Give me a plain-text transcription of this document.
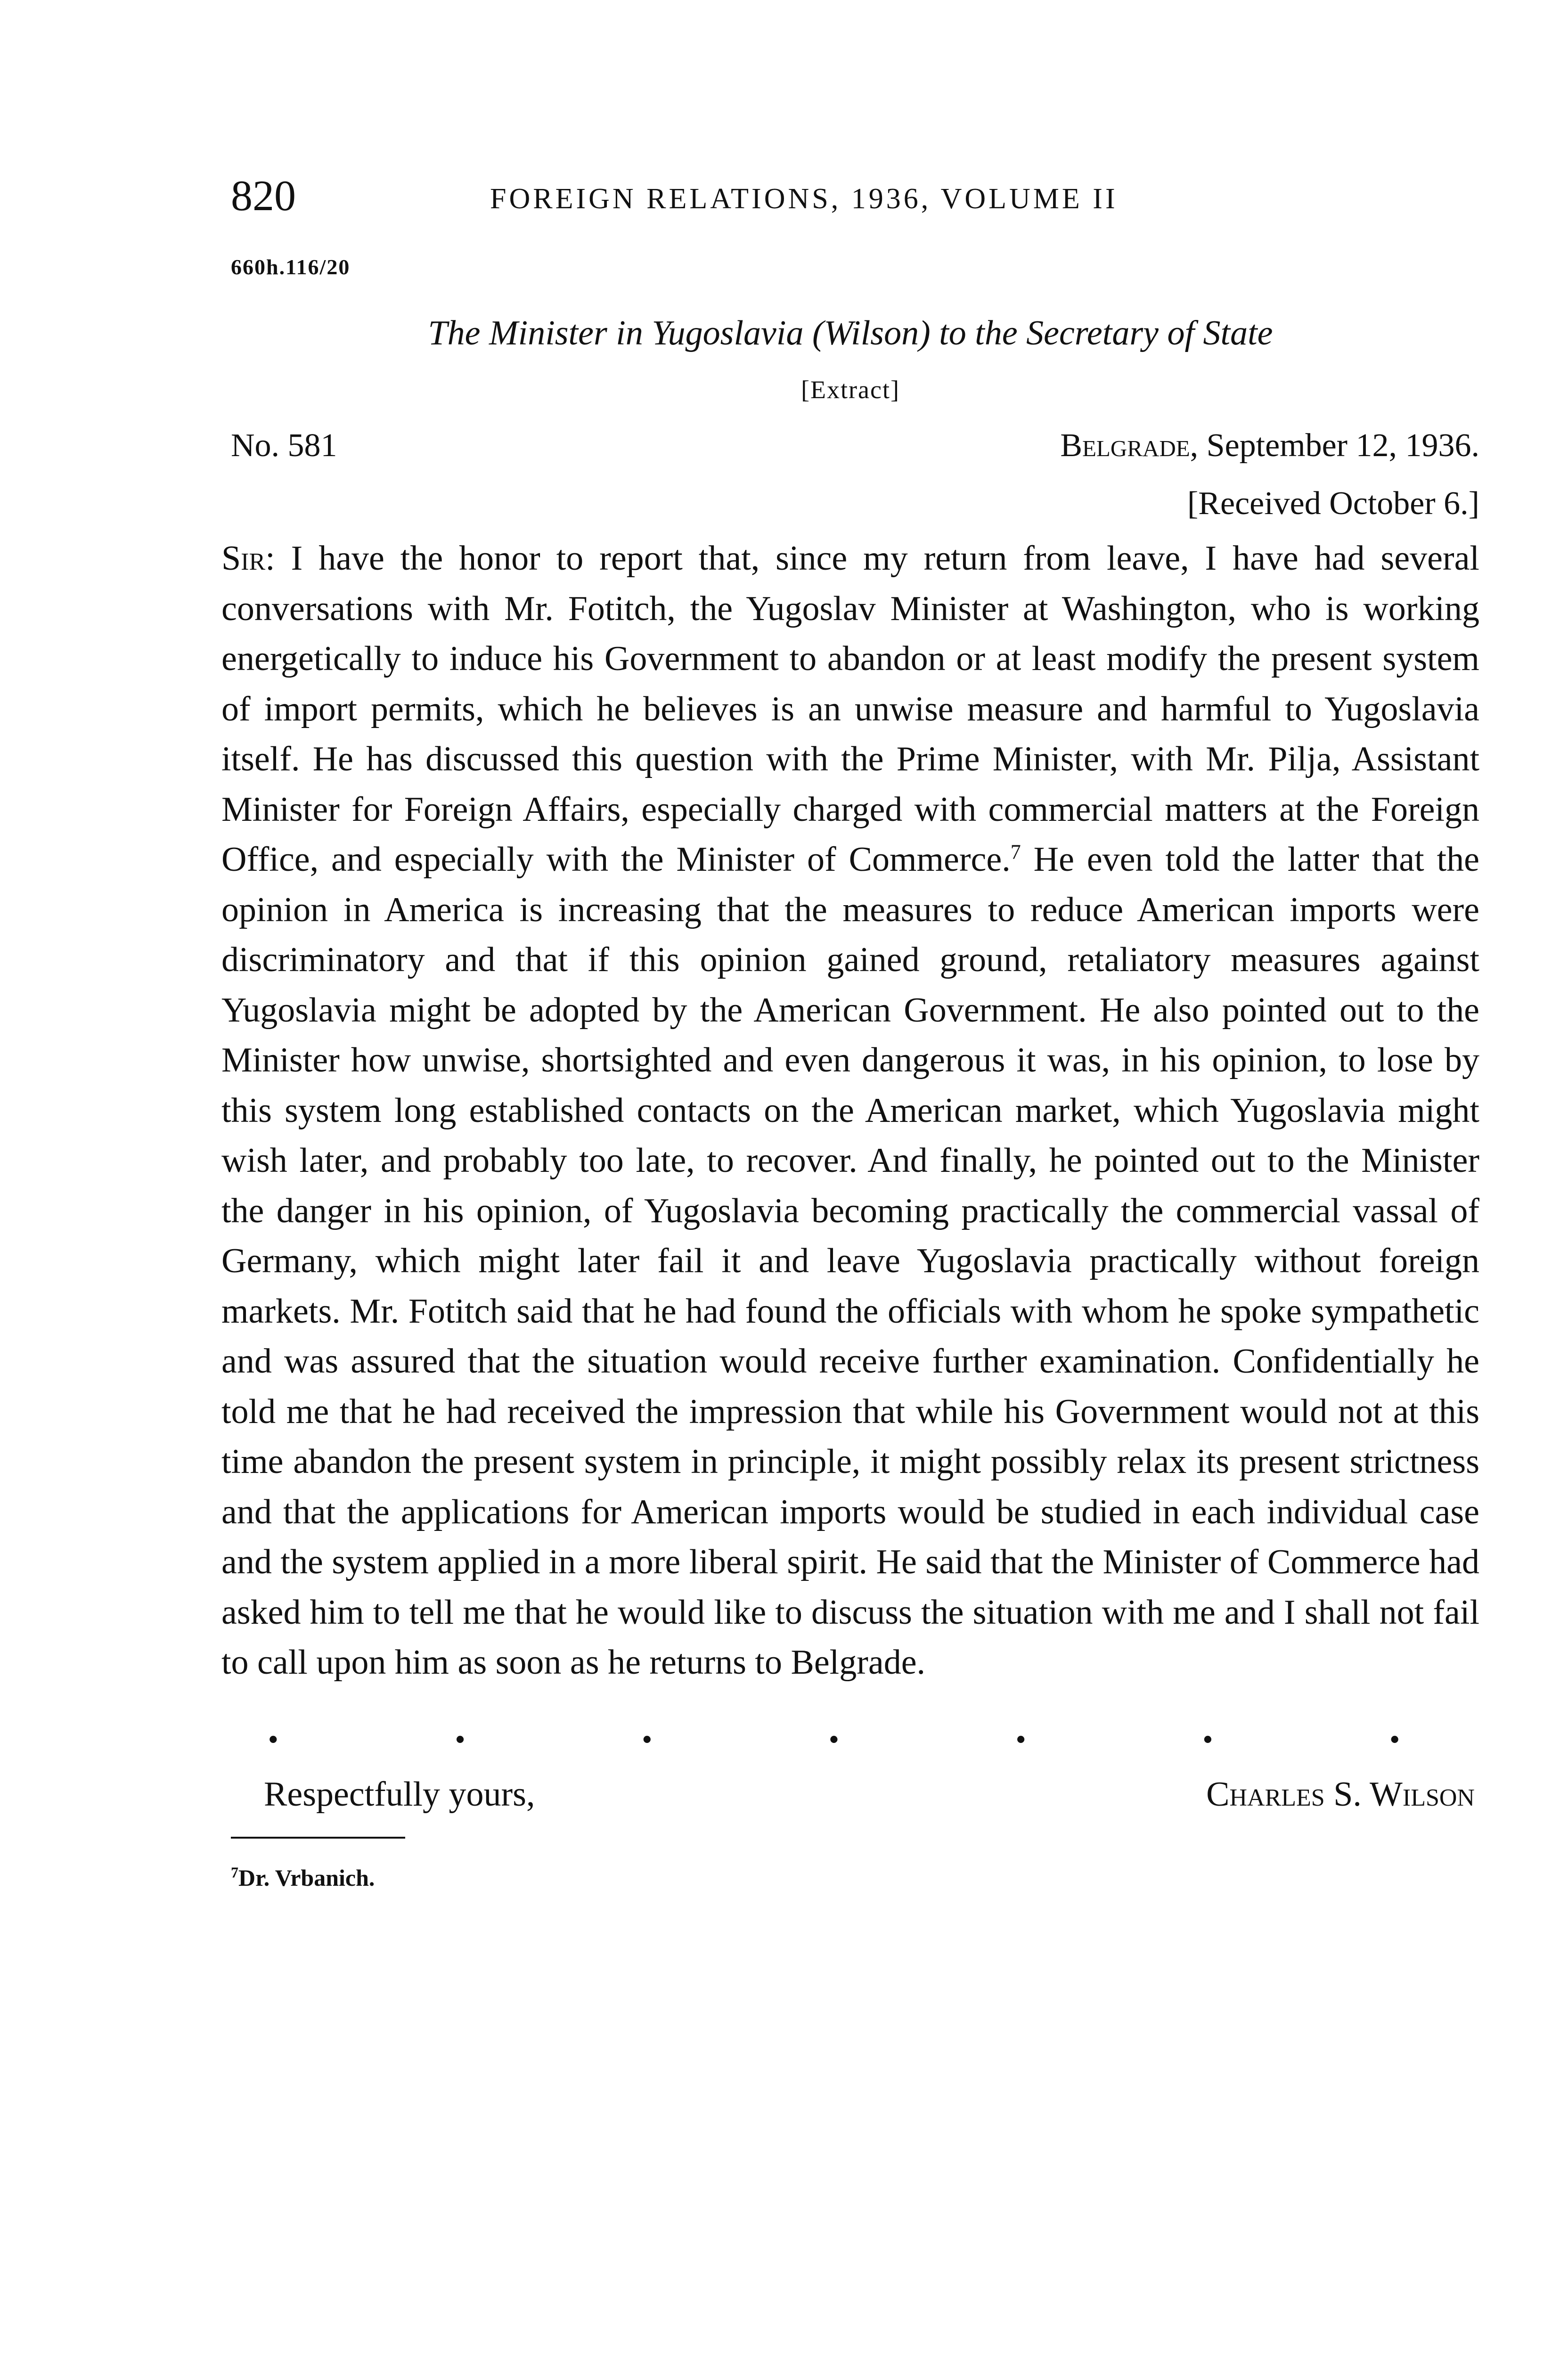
820	FOREIGN RELATIONS, 1936, VOLUME II
660h.116/20
The Minister in Yugoslavia (Wilson) to the Secretary of State
[Extract]
No. 581	Belgrade, September 12, 1936.
[Received October 6.]

Sir: I have the honor to report that, since my return from leave, I have had several conversations with Mr. Fotitch, the Yugoslav Minister at Washington, who is working energetically to induce his Government to abandon or at least modify the present system of import permits, which he believes is an unwise measure and harmful to Yugoslavia itself. He has discussed this question with the Prime Minister, with Mr. Pilja, Assistant Minister for Foreign Affairs, especially charged with commercial matters at the Foreign Office, and especially with the Minister of Commerce.$^7$ He even told the latter that the opinion in America is increasing that the measures to reduce American imports were discriminatory and that if this opinion gained ground, retaliatory measures against Yugoslavia might be adopted by the American Government. He also pointed out to the Minister how unwise, shortsighted and even dangerous it was, in his opinion, to lose by this system long established contacts on the American market, which Yugoslavia might wish later, and probably too late, to recover. And finally, he pointed out to the Minister the danger in his opinion, of Yugoslavia becoming practically the commercial vassal of Germany, which might later fail it and leave Yugoslavia practically without foreign markets. Mr. Fotitch said that he had found the officials with whom he spoke sympathetic and was assured that the situation would receive further examination. Confidentially he told me that he had received the impression that while his Government would not at this time abandon the present system in principle, it might possibly relax its present strictness and that the applications for American imports would be studied in each individual case and the system applied in a more liberal spirit. He said that the Minister of Commerce had asked him to tell me that he would like to discuss the situation with me and I shall not fail to call upon him as soon as he returns to Belgrade.

•	•	•	•	•	•	•
Respectfully yours,	Charles S. Wilson
$^7$Dr. Vrbanich.
